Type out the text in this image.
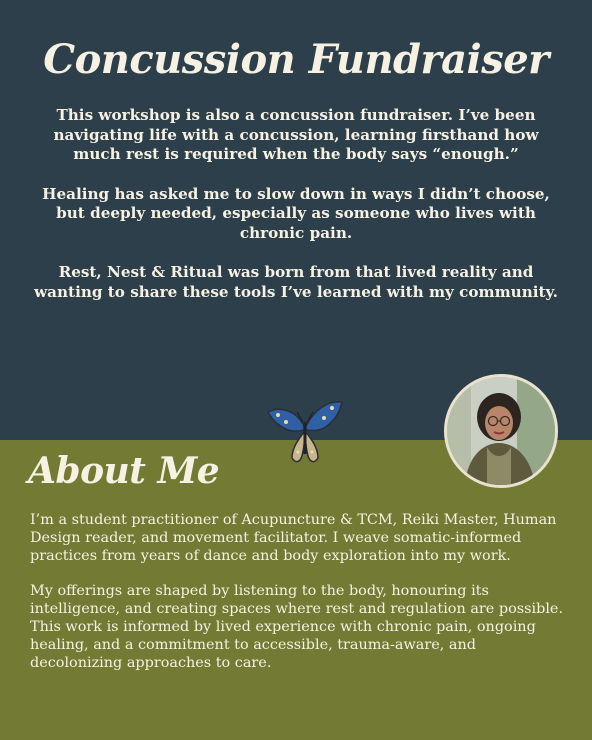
Concussion Fundraiser

This workshop is also a concussion fundraiser. I’ve been navigating life with a concussion, learning firsthand how much rest is required when the body says “enough.”

Healing has asked me to slow down in ways I didn’t choose, but deeply needed, especially as someone who lives with chronic pain.

Rest, Nest & Ritual was born from that lived reality and wanting to share these tools I’ve learned with my community.

About Me

I’m a student practitioner of Acupuncture & TCM, Reiki Master, Human Design reader, and movement facilitator. I weave somatic-informed practices from years of dance and body exploration into my work.

My offerings are shaped by listening to the body, honouring its intelligence, and creating spaces where rest and regulation are possible. This work is informed by lived experience with chronic pain, ongoing healing, and a commitment to accessible, trauma-aware, and decolonizing approaches to care.
